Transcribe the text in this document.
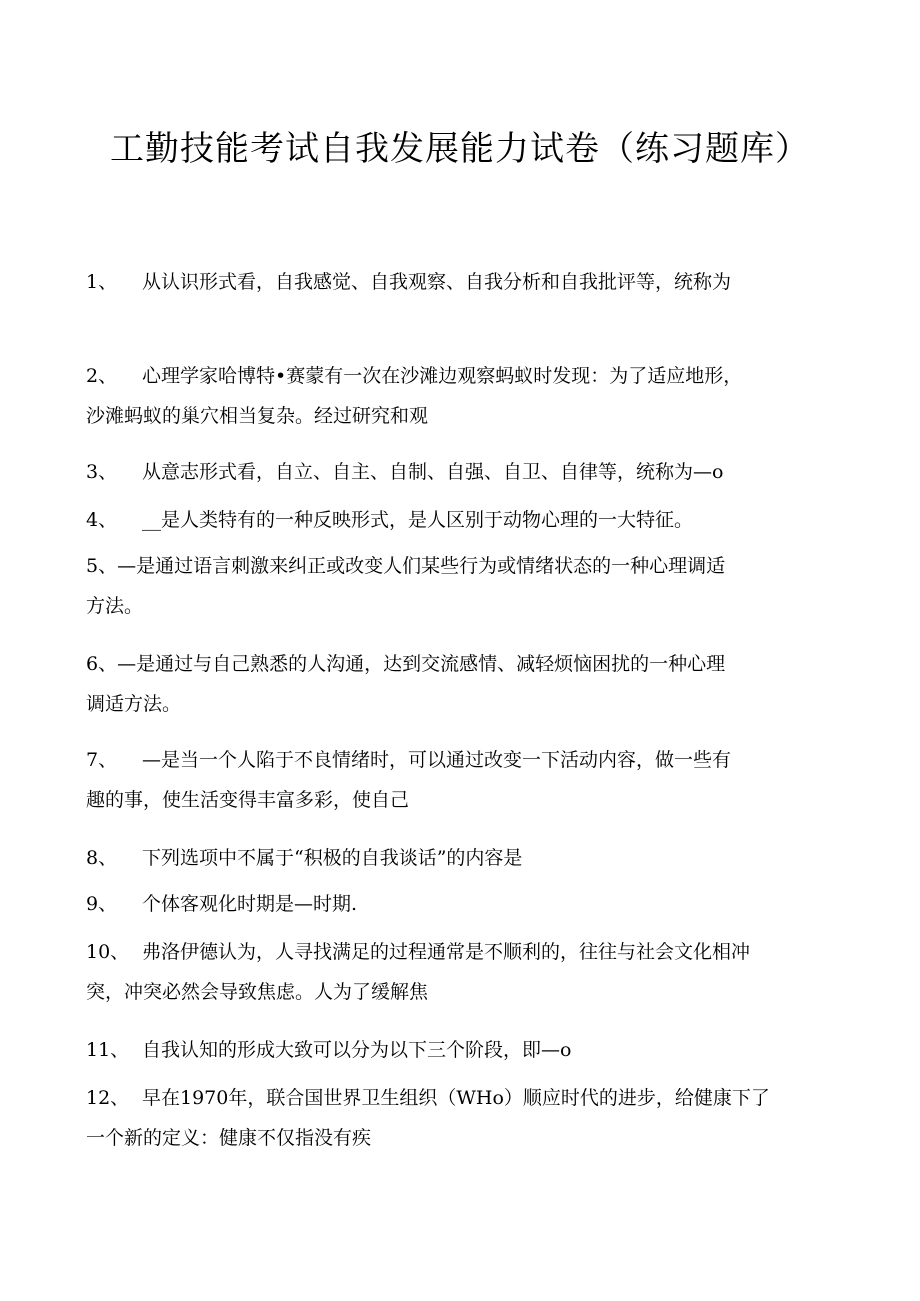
工勤技能考试自我发展能力试卷（练习题库）

1、 从认识形式看，自我感觉、自我观察、自我分析和自我批评等，统称为

2、 心理学家哈博特•赛蒙有一次在沙滩边观察蚂蚁时发现：为了适应地形，
沙滩蚂蚁的巢穴相当复杂。经过研究和观

3、 从意志形式看，自立、自主、自制、自强、自卫、自律等，统称为—o

4、 __是人类特有的一种反映形式，是人区别于动物心理的一大特征。

5、—是通过语言刺激来纠正或改变人们某些行为或情绪状态的一种心理调适
方法。

6、—是通过与自己熟悉的人沟通，达到交流感情、减轻烦恼困扰的一种心理
调适方法。

7、 —是当一个人陷于不良情绪时，可以通过改变一下活动内容，做一些有
趣的事，使生活变得丰富多彩，使自己

8、 下列选项中不属于“积极的自我谈话”的内容是

9、 个体客观化时期是—时期.

10、 弗洛伊德认为，人寻找满足的过程通常是不顺利的，往往与社会文化相冲
突，冲突必然会导致焦虑。人为了缓解焦

11、 自我认知的形成大致可以分为以下三个阶段，即—o

12、 早在1970年，联合国世界卫生组织（WHo）顺应时代的进步，给健康下了
一个新的定义：健康不仅指没有疾
